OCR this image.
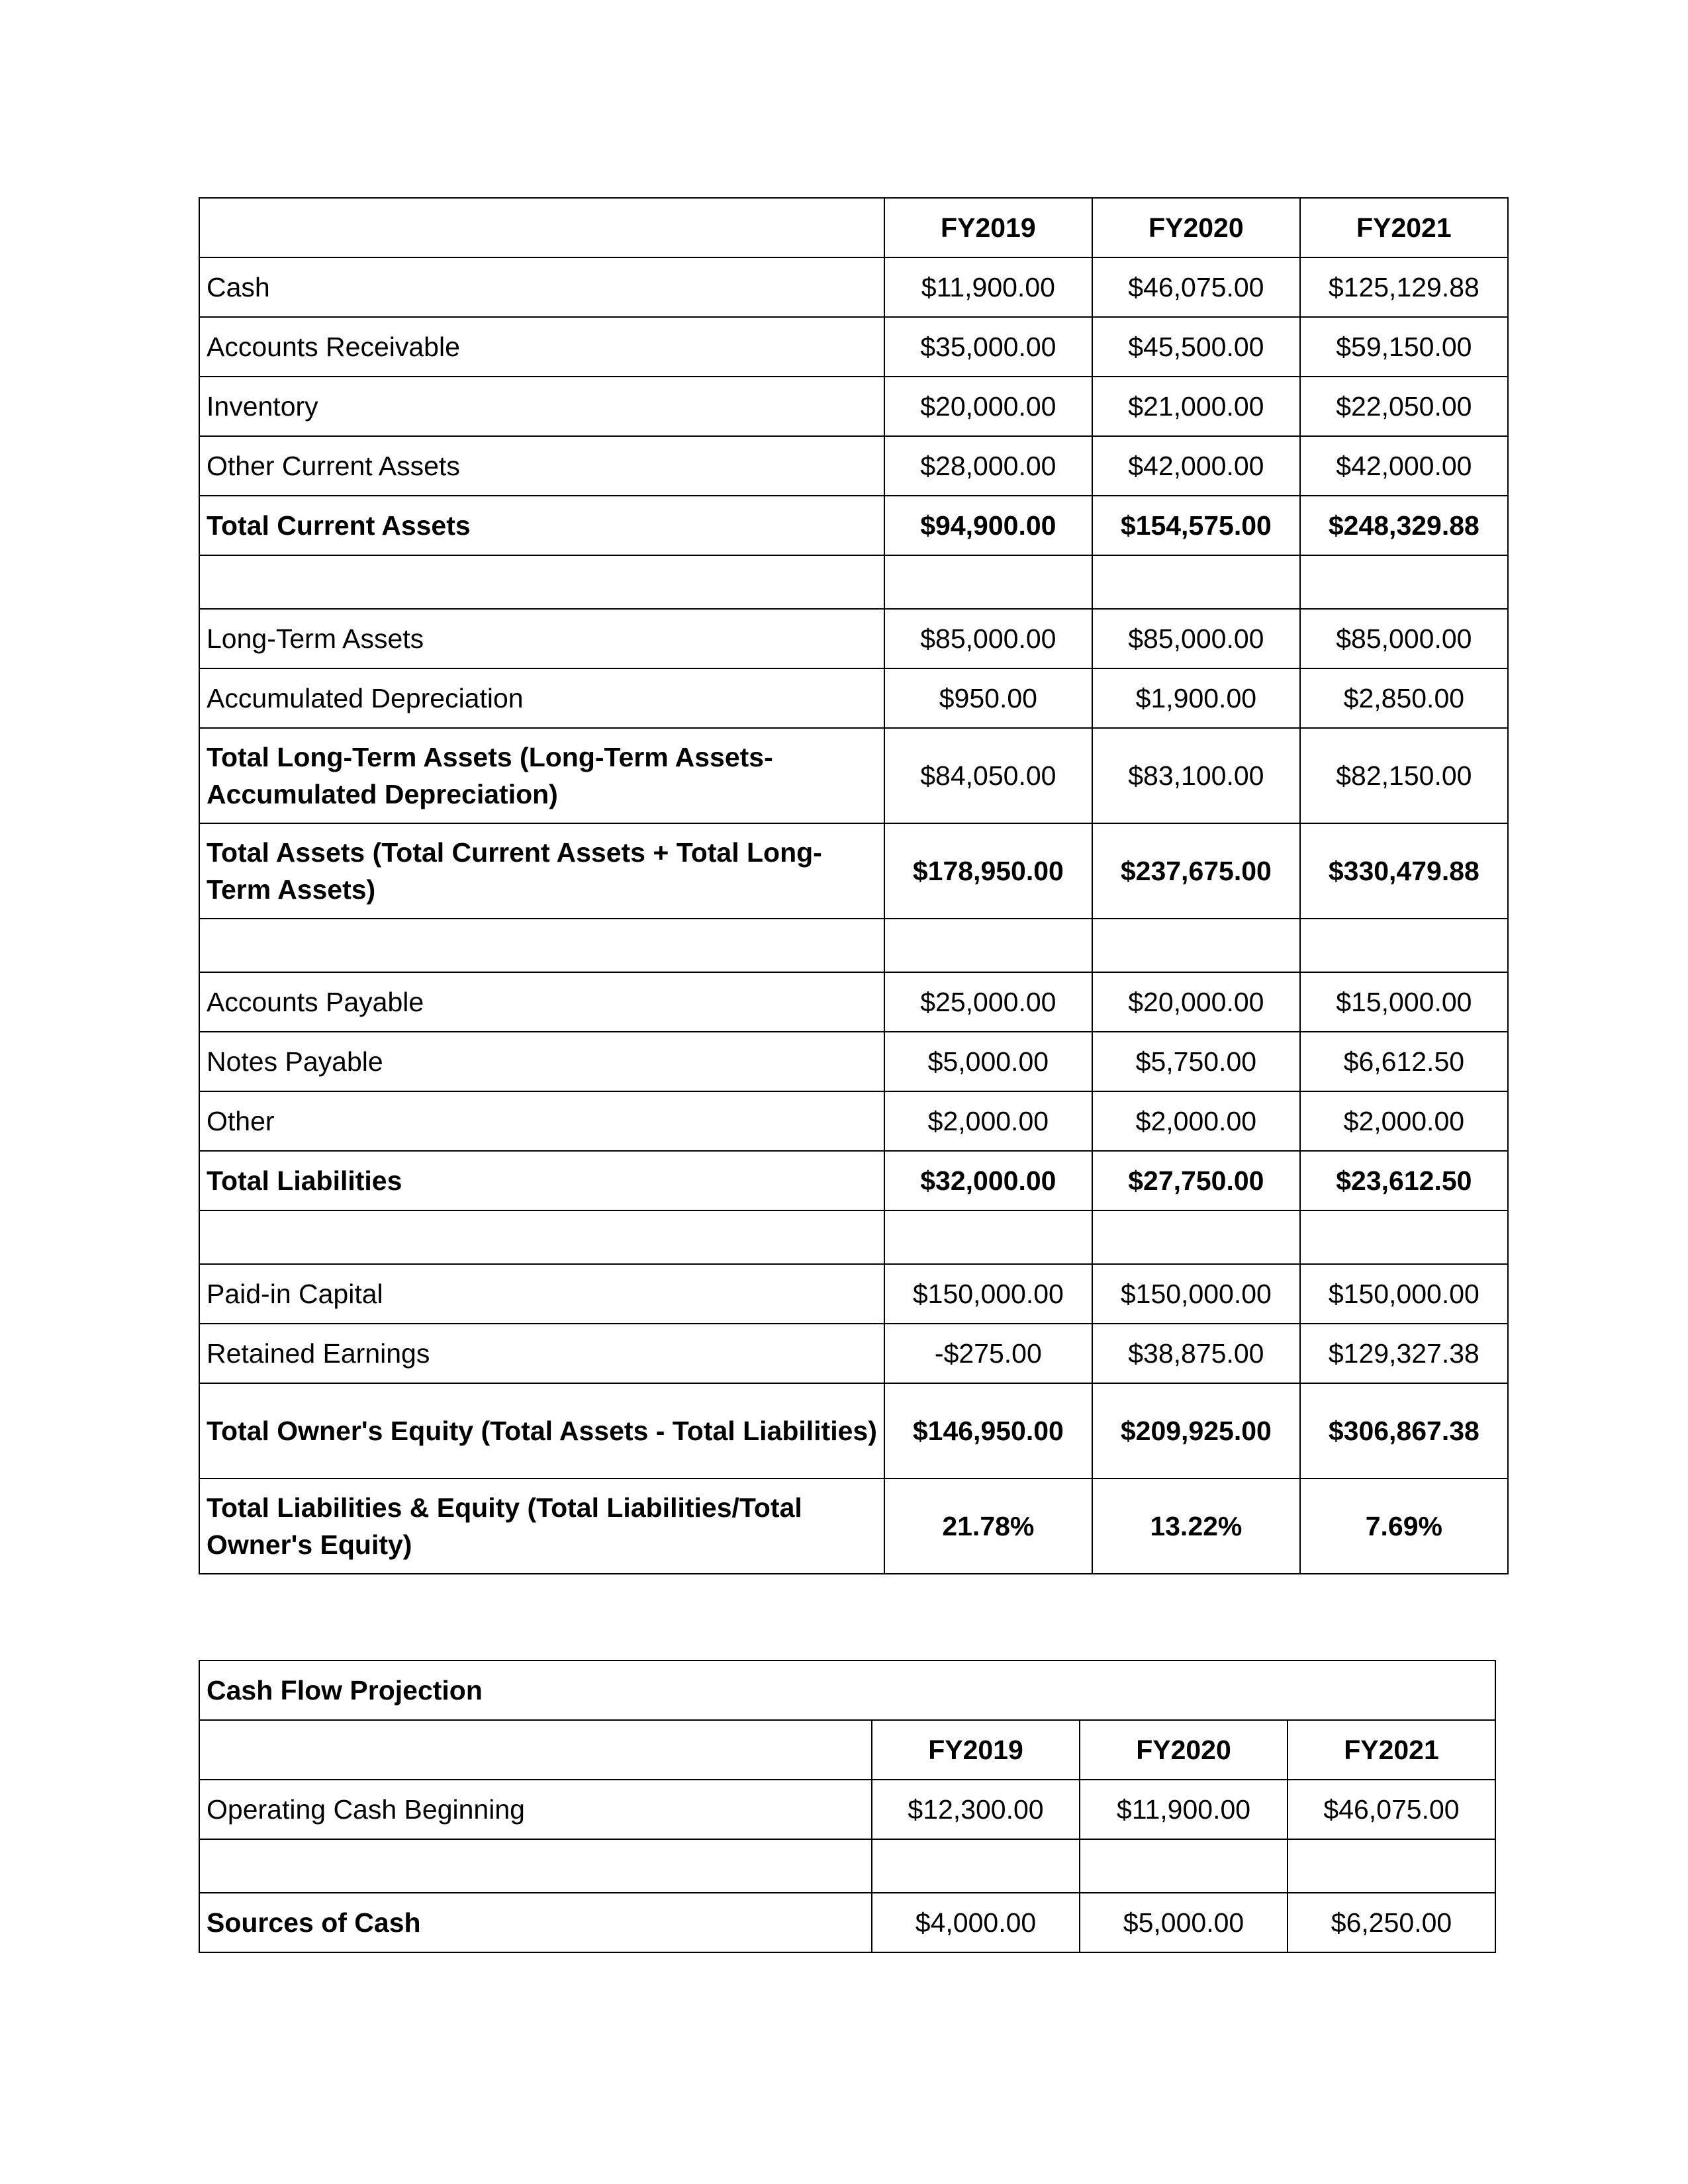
	FY2019	FY2020	FY2021
Cash	$11,900.00	$46,075.00	$125,129.88
Accounts Receivable	$35,000.00	$45,500.00	$59,150.00
Inventory	$20,000.00	$21,000.00	$22,050.00
Other Current Assets	$28,000.00	$42,000.00	$42,000.00
Total Current Assets	$94,900.00	$154,575.00	$248,329.88

Long-Term Assets	$85,000.00	$85,000.00	$85,000.00
Accumulated Depreciation	$950.00	$1,900.00	$2,850.00
Total Long-Term Assets (Long-Term Assets-Accumulated Depreciation)	$84,050.00	$83,100.00	$82,150.00
Total Assets (Total Current Assets + Total Long-Term Assets)	$178,950.00	$237,675.00	$330,479.88

Accounts Payable	$25,000.00	$20,000.00	$15,000.00
Notes Payable	$5,000.00	$5,750.00	$6,612.50
Other	$2,000.00	$2,000.00	$2,000.00
Total Liabilities	$32,000.00	$27,750.00	$23,612.50

Paid-in Capital	$150,000.00	$150,000.00	$150,000.00
Retained Earnings	-$275.00	$38,875.00	$129,327.38
Total Owner's Equity (Total Assets - Total Liabilities)	$146,950.00	$209,925.00	$306,867.38
Total Liabilities & Equity (Total Liabilities/Total Owner's Equity)	21.78%	13.22%	7.69%
Cash Flow Projection			
	FY2019	FY2020	FY2021
Operating Cash Beginning	$12,300.00	$11,900.00	$46,075.00

Sources of Cash	$4,000.00	$5,000.00	$6,250.00
